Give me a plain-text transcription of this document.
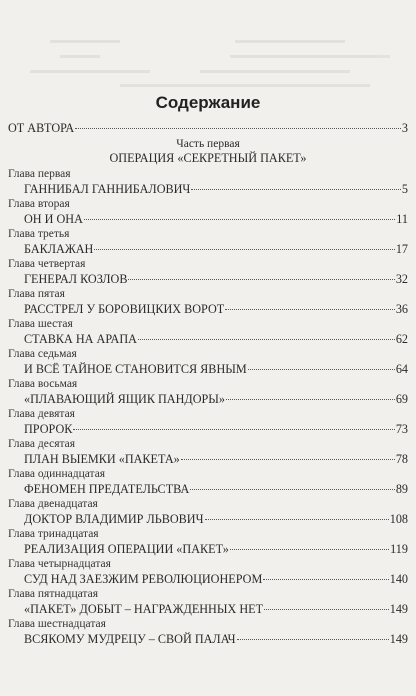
Содержание
ОТ АВТОРА	3
Часть первая
ОПЕРАЦИЯ «СЕКРЕТНЫЙ ПАКЕТ»
Глава первая
ГАННИБАЛ ГАННИБАЛОВИЧ	5
Глава вторая
ОН И ОНА	11
Глава третья
БАКЛАЖАН	17
Глава четвертая
ГЕНЕРАЛ КОЗЛОВ	32
Глава пятая
РАССТРЕЛ У БОРОВИЦКИХ ВОРОТ	36
Глава шестая
СТАВКА НА АРАПА	62
Глава седьмая
И ВСЁ ТАЙНОЕ СТАНОВИТСЯ ЯВНЫМ	64
Глава восьмая
«ПЛАВАЮЩИЙ ЯЩИК ПАНДОРЫ»	69
Глава девятая
ПРОРОК	73
Глава десятая
ПЛАН ВЫЕМКИ «ПАКЕТА»	78
Глава одиннадцатая
ФЕНОМЕН ПРЕДАТЕЛЬСТВА	89
Глава двенадцатая
ДОКТОР ВЛАДИМИР ЛЬВОВИЧ	108
Глава тринадцатая
РЕАЛИЗАЦИЯ ОПЕРАЦИИ «ПАКЕТ»	119
Глава четырнадцатая
СУД НАД ЗАЕЗЖИМ РЕВОЛЮЦИОНЕРОМ	140
Глава пятнадцатая
«ПАКЕТ» ДОБЫТ – НАГРАЖДЕННЫХ НЕТ	149
Глава шестнадцатая
ВСЯКОМУ МУДРЕЦУ – СВОЙ ПАЛАЧ	149
